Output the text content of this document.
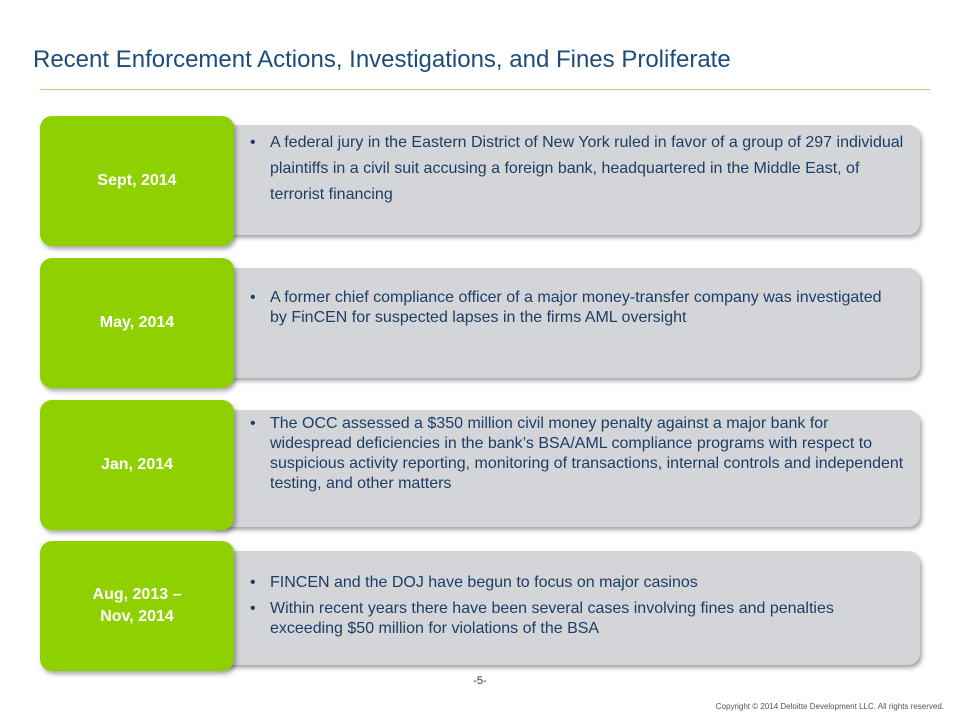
Recent Enforcement Actions, Investigations, and Fines Proliferate
Sept, 2014
• A federal jury in the Eastern District of New York ruled in favor of a group of 297 individual plaintiffs in a civil suit accusing a foreign bank, headquartered in the Middle East, of terrorist financing
May, 2014
• A former chief compliance officer of a major money-transfer company was investigated by FinCEN for suspected lapses in the firms AML oversight
Jan, 2014
• The OCC assessed a $350 million civil money penalty against a major bank for widespread deficiencies in the bank’s BSA/AML compliance programs with respect to suspicious activity reporting, monitoring of transactions, internal controls and independent testing, and other matters
Aug, 2013 –
Nov, 2014
• FINCEN and the DOJ have begun to focus on major casinos
• Within recent years there have been several cases involving fines and penalties exceeding $50 million for violations of the BSA
-5-
Copyright © 2014 Deloitte Development LLC. All rights reserved.
